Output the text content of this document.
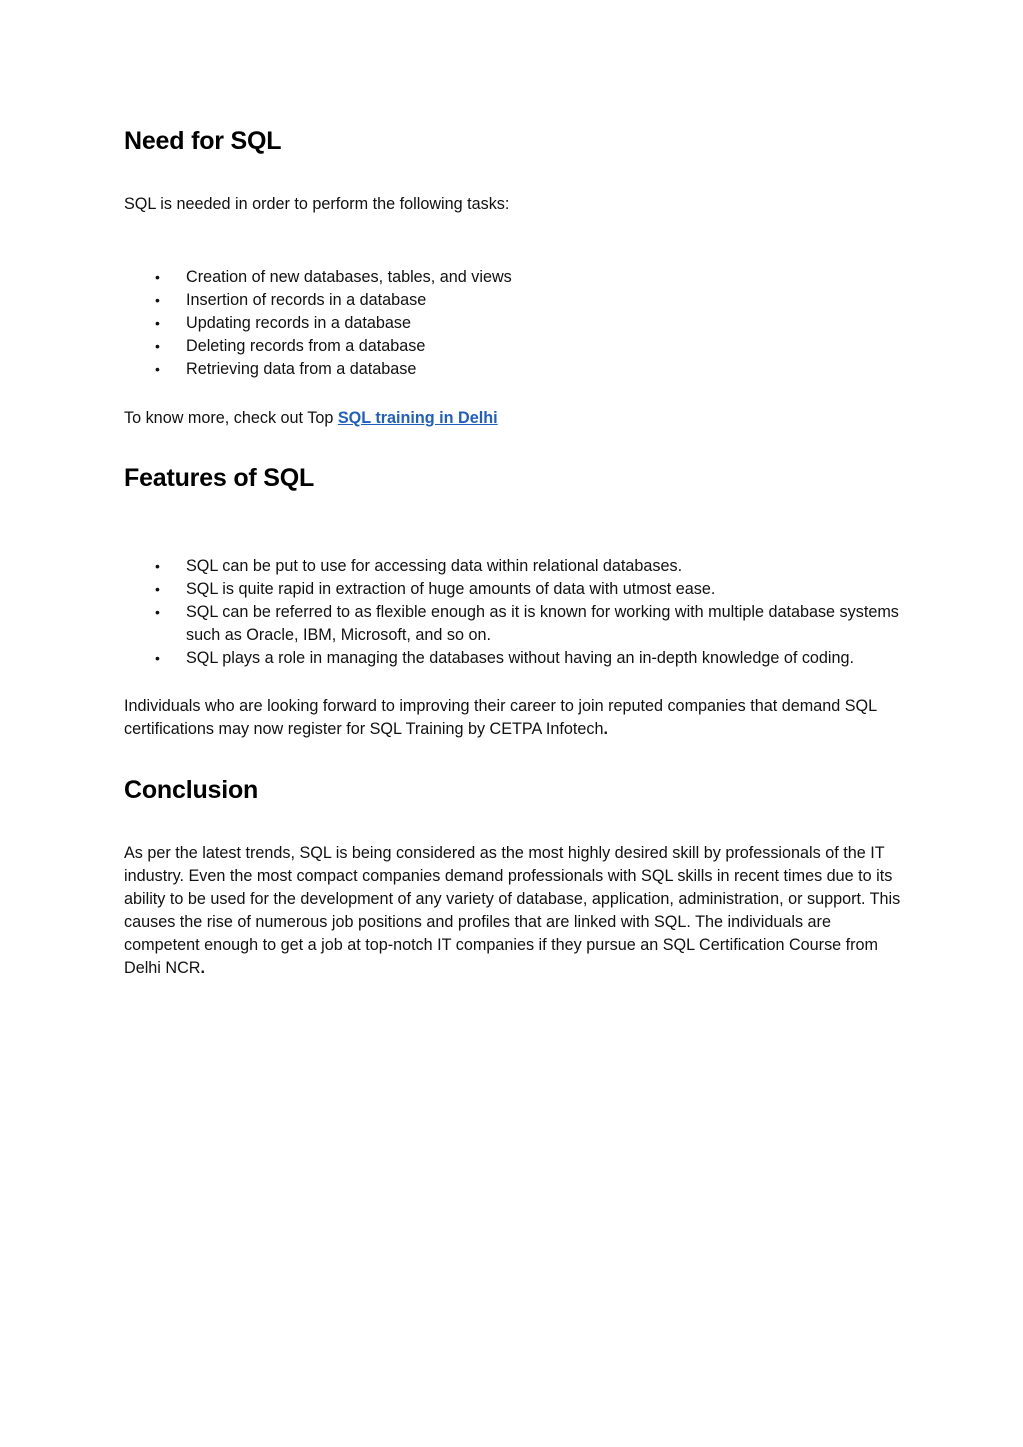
Need for SQL

SQL is needed in order to perform the following tasks:

• Creation of new databases, tables, and views
• Insertion of records in a database
• Updating records in a database
• Deleting records from a database
• Retrieving data from a database

To know more, check out Top SQL training in Delhi

Features of SQL
• SQL can be put to use for accessing data within relational databases.
• SQL is quite rapid in extraction of huge amounts of data with utmost ease.
• SQL can be referred to as flexible enough as it is known for working with multiple database systems such as Oracle, IBM, Microsoft, and so on.
• SQL plays a role in managing the databases without having an in-depth knowledge of coding.

Individuals who are looking forward to improving their career to join reputed companies that demand SQL certifications may now register for SQL Training by CETPA Infotech.

Conclusion

As per the latest trends, SQL is being considered as the most highly desired skill by professionals of the IT industry. Even the most compact companies demand professionals with SQL skills in recent times due to its ability to be used for the development of any variety of database, application, administration, or support. This causes the rise of numerous job positions and profiles that are linked with SQL. The individuals are competent enough to get a job at top-notch IT companies if they pursue an SQL Certification Course from Delhi NCR.
